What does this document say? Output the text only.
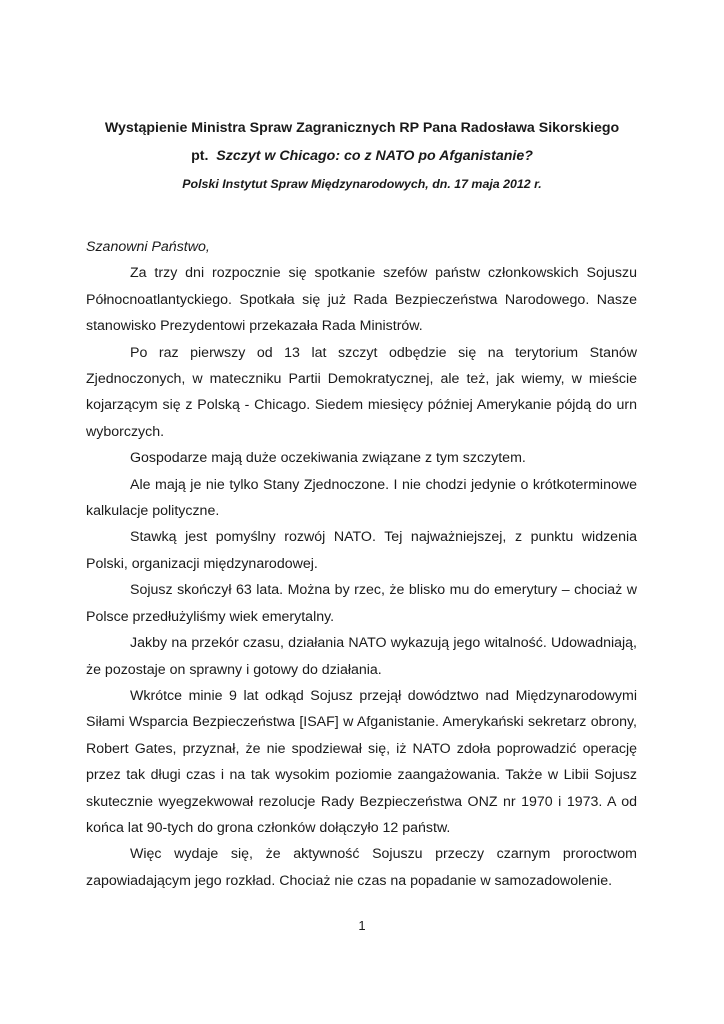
Wystąpienie Ministra Spraw Zagranicznych RP Pana Radosława Sikorskiego

pt. Szczyt w Chicago: co z NATO po Afganistanie?

Polski Instytut Spraw Międzynarodowych, dn. 17 maja 2012 r.

Szanowni Państwo,

Za trzy dni rozpocznie się spotkanie szefów państw członkowskich Sojuszu Północnoatlantyckiego. Spotkała się już Rada Bezpieczeństwa Narodowego. Nasze stanowisko Prezydentowi przekazała Rada Ministrów.

Po raz pierwszy od 13 lat szczyt odbędzie się na terytorium Stanów Zjednoczonych, w mateczniku Partii Demokratycznej, ale też, jak wiemy, w mieście kojarzącym się z Polską - Chicago. Siedem miesięcy później Amerykanie pójdą do urn wyborczych.

Gospodarze mają duże oczekiwania związane z tym szczytem.

Ale mają je nie tylko Stany Zjednoczone. I nie chodzi jedynie o krótkoterminowe kalkulacje polityczne.

Stawką jest pomyślny rozwój NATO. Tej najważniejszej, z punktu widzenia Polski, organizacji międzynarodowej.

Sojusz skończył 63 lata. Można by rzec, że blisko mu do emerytury – chociaż w Polsce przedłużyliśmy wiek emerytalny.

Jakby na przekór czasu, działania NATO wykazują jego witalność. Udowadniają, że pozostaje on sprawny i gotowy do działania.

Wkrótce minie 9 lat odkąd Sojusz przejął dowództwo nad Międzynarodowymi Siłami Wsparcia Bezpieczeństwa [ISAF] w Afganistanie. Amerykański sekretarz obrony, Robert Gates, przyznał, że nie spodziewał się, iż NATO zdoła poprowadzić operację przez tak długi czas i na tak wysokim poziomie zaangażowania. Także w Libii Sojusz skutecznie wyegzekwował rezolucje Rady Bezpieczeństwa ONZ nr 1970 i 1973. A od końca lat 90-tych do grona członków dołączyło 12 państw.

Więc wydaje się, że aktywność Sojuszu przeczy czarnym proroctwom zapowiadającym jego rozkład. Chociaż nie czas na popadanie w samozadowolenie.

1
